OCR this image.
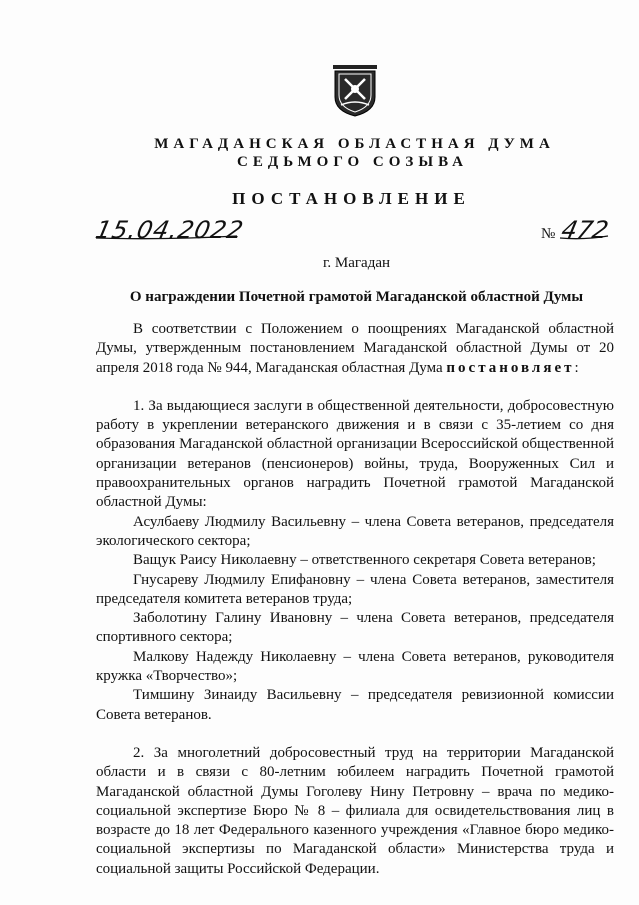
МАГАДАНСКАЯ ОБЛАСТНАЯ ДУМА
СЕДЬМОГО СОЗЫВА
ПОСТАНОВЛЕНИЕ
15.04.2022	№ 472
г. Магадан
О награждении Почетной грамотой Магаданской областной Думы

В соответствии с Положением о поощрениях Магаданской областной Думы, утвержденным постановлением Магаданской областной Думы от 20 апреля 2018 года № 944, Магаданская областная Дума постановляет:

1. За выдающиеся заслуги в общественной деятельности, добросовестную работу в укреплении ветеранского движения и в связи с 35-летием со дня образования Магаданской областной организации Всероссийской общественной организации ветеранов (пенсионеров) войны, труда, Вооруженных Сил и правоохранительных органов наградить Почетной грамотой Магаданской областной Думы:

Асулбаеву Людмилу Васильевну – члена Совета ветеранов, председателя экологического сектора;

Ващук Раису Николаевну – ответственного секретаря Совета ветеранов;

Гнусареву Людмилу Епифановну – члена Совета ветеранов, заместителя председателя комитета ветеранов труда;

Заболотину Галину Ивановну – члена Совета ветеранов, председателя спортивного сектора;

Малкову Надежду Николаевну – члена Совета ветеранов, руководителя кружка «Творчество»;

Тимшину Зинаиду Васильевну – председателя ревизионной комиссии Совета ветеранов.

2. За многолетний добросовестный труд на территории Магаданской области и в связи с 80-летним юбилеем наградить Почетной грамотой Магаданской областной Думы Гоголеву Нину Петровну – врача по медико-социальной экспертизе Бюро № 8 – филиала для освидетельствования лиц в возрасте до 18 лет Федерального казенного учреждения «Главное бюро медико-социальной экспертизы по Магаданской области» Министерства труда и социальной защиты Российской Федерации.
